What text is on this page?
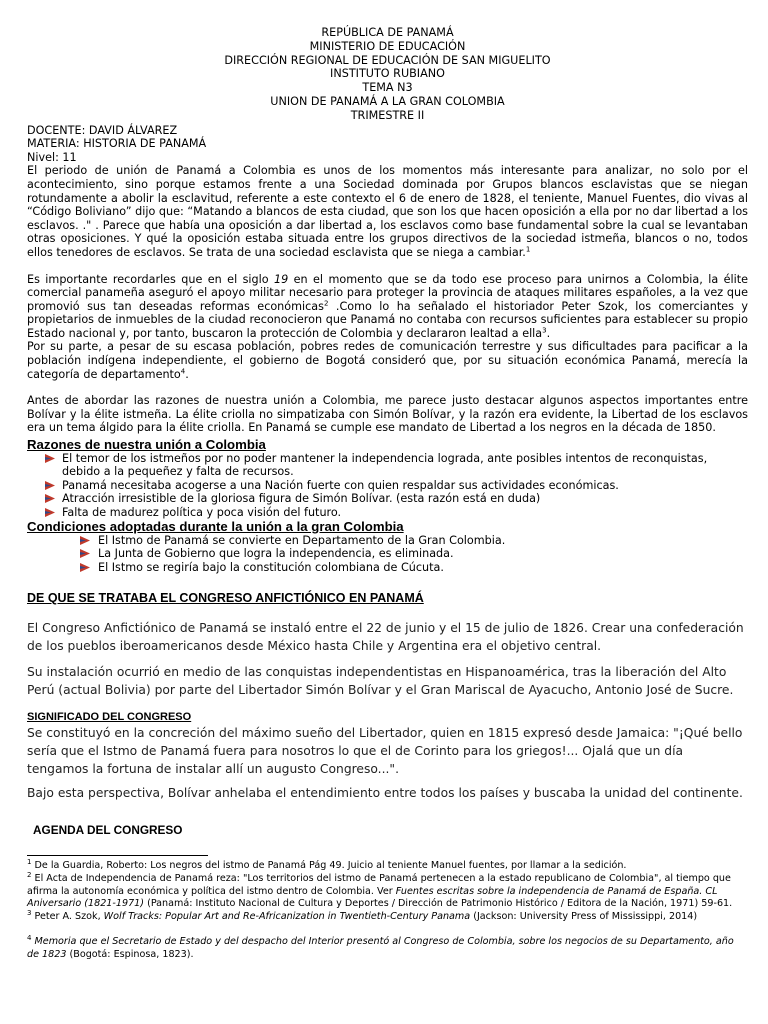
REPÚBLICA DE PANAMÁ
MINISTERIO DE EDUCACIÓN
DIRECCIÓN REGIONAL DE EDUCACIÓN DE SAN MIGUELITO
INSTITUTO RUBIANO
TEMA N3
UNION DE PANAMÁ A LA GRAN COLOMBIA
TRIMESTRE II
DOCENTE: DAVID ÁLVAREZ
MATERIA: HISTORIA DE PANAMÁ
Nivel: 11

El periodo de unión de Panamá a Colombia es unos de los momentos más interesante para analizar, no solo por el acontecimiento, sino porque estamos frente a una Sociedad dominada por Grupos blancos esclavistas que se niegan rotundamente a abolir la esclavitud, referente a este contexto el 6 de enero de 1828, el teniente, Manuel Fuentes, dio vivas al “Código Boliviano” dijo que: “Matando a blancos de esta ciudad, que son los que hacen oposición a ella por no dar libertad a los esclavos. ." . Parece que había una oposición a dar libertad a, los esclavos como base fundamental sobre la cual se levantaban otras oposiciones. Y qué la oposición estaba situada entre los grupos directivos de la sociedad istmeña, blancos o no, todos ellos tenedores de esclavos. Se trata de una sociedad esclavista que se niega a cambiar.$^1$

Es importante recordarles que en el siglo 19 en el momento que se da todo ese proceso para unirnos a Colombia, la élite comercial panameña aseguró el apoyo militar necesario para proteger la provincia de ataques militares españoles, a la vez que promovió sus tan deseadas reformas económicas$^2$ .Como lo ha señalado el historiador Peter Szok, los comerciantes y propietarios de inmuebles de la ciudad reconocieron que Panamá no contaba con recursos suficientes para establecer su propio Estado nacional y, por tanto, buscaron la protección de Colombia y declararon lealtad a ella$^3$.

Por su parte, a pesar de su escasa población, pobres redes de comunicación terrestre y sus dificultades para pacificar a la población indígena independiente, el gobierno de Bogotá consideró que, por su situación económica Panamá, merecía la categoría de departamento$^4$.

Antes de abordar las razones de nuestra unión a Colombia, me parece justo destacar algunos aspectos importantes entre Bolívar y la élite istmeña. La élite criolla no simpatizaba con Simón Bolívar, y la razón era evidente, la Libertad de los esclavos era un tema álgido para la élite criolla. En Panamá se cumple ese mandato de Libertad a los negros en la década de 1850.

Razones de nuestra unión a Colombia
El temor de los istmeños por no poder mantener la independencia lograda, ante posibles intentos de reconquistas, debido a la pequeñez y falta de recursos.
Panamá necesitaba acogerse a una Nación fuerte con quien respaldar sus actividades económicas.
Atracción irresistible de la gloriosa figura de Simón Bolívar. (esta razón está en duda)
Falta de madurez política y poca visión del futuro.
Condiciones adoptadas durante la unión a la gran Colombia
El Istmo de Panamá se convierte en Departamento de la Gran Colombia.
La Junta de Gobierno que logra la independencia, es eliminada.
El Istmo se regiría bajo la constitución colombiana de Cúcuta.
DE QUE SE TRATABA EL CONGRESO ANFICTIÓNICO EN PANAMÁ

El Congreso Anfictiónico de Panamá se instaló entre el 22 de junio y el 15 de julio de 1826. Crear una confederación de los pueblos iberoamericanos desde México hasta Chile y Argentina era el objetivo central.

Su instalación ocurrió en medio de las conquistas independentistas en Hispanoamérica, tras la liberación del Alto Perú (actual Bolivia) por parte del Libertador Simón Bolívar y el Gran Mariscal de Ayacucho, Antonio José de Sucre.

SIGNIFICADO DEL CONGRESO

Se constituyó en la concreción del máximo sueño del Libertador, quien en 1815 expresó desde Jamaica: "¡Qué bello sería que el Istmo de Panamá fuera para nosotros lo que el de Corinto para los griegos!... Ojalá que un día tengamos la fortuna de instalar allí un augusto Congreso...".

Bajo esta perspectiva, Bolívar anhelaba el entendimiento entre todos los países y buscaba la unidad del continente.

AGENDA DEL CONGRESO

$^1$ De la Guardia, Roberto: Los negros del istmo de Panamá Pág 49. Juicio al teniente Manuel fuentes, por llamar a la sedición.

$^2$ El Acta de Independencia de Panamá reza: "Los territorios del istmo de Panamá pertenecen a la estado republicano de Colombia", al tiempo que afirma la autonomía económica y política del istmo dentro de Colombia. Ver Fuentes escritas sobre la independencia de Panamá de España. CL Aniversario (1821-1971) (Panamá: Instituto Nacional de Cultura y Deportes / Dirección de Patrimonio Histórico / Editora de la Nación, 1971) 59-61.

$^3$ Peter A. Szok, Wolf Tracks: Popular Art and Re-Africanization in Twentieth-Century Panama (Jackson: University Press of Mississippi, 2014)

$^4$ Memoria que el Secretario de Estado y del despacho del Interior presentó al Congreso de Colombia, sobre los negocios de su Departamento, año de 1823 (Bogotá: Espinosa, 1823).
